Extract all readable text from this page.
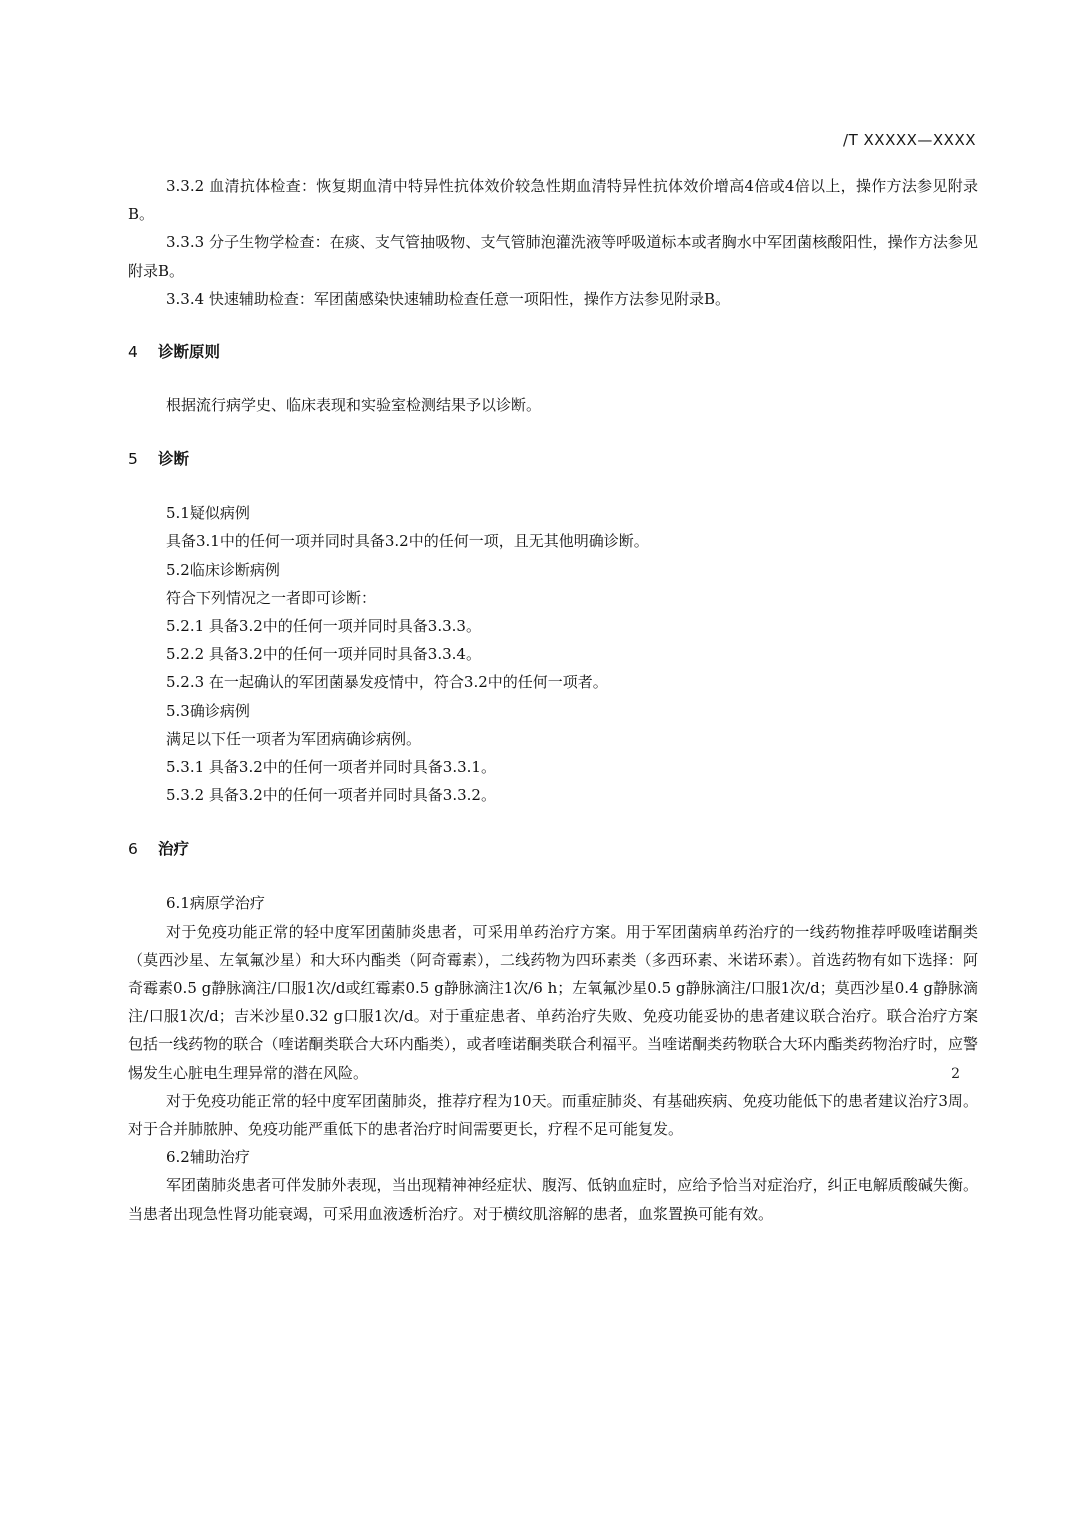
/T XXXXX—XXXX

3.3.2 血清抗体检查：恢复期血清中特异性抗体效价较急性期血清特异性抗体效价增高4倍或4倍以上，操作方法参见附录B。

3.3.3 分子生物学检查：在痰、支气管抽吸物、支气管肺泡灌洗液等呼吸道标本或者胸水中军团菌核酸阳性，操作方法参见附录B。

3.3.4 快速辅助检查：军团菌感染快速辅助检查任意一项阳性，操作方法参见附录B。

4	诊断原则

根据流行病学史、临床表现和实验室检测结果予以诊断。

5	诊断

5.1疑似病例

具备3.1中的任何一项并同时具备3.2中的任何一项，且无其他明确诊断。

5.2临床诊断病例

符合下列情况之一者即可诊断：

5.2.1 具备3.2中的任何一项并同时具备3.3.3。

5.2.2 具备3.2中的任何一项并同时具备3.3.4。

5.2.3 在一起确认的军团菌暴发疫情中，符合3.2中的任何一项者。

5.3确诊病例

满足以下任一项者为军团病确诊病例。

5.3.1 具备3.2中的任何一项者并同时具备3.3.1。

5.3.2 具备3.2中的任何一项者并同时具备3.3.2。

6	治疗

6.1病原学治疗

对于免疫功能正常的轻中度军团菌肺炎患者，可采用单药治疗方案。用于军团菌病单药治疗的一线药物推荐呼吸喹诺酮类（莫西沙星、左氧氟沙星）和大环内酯类（阿奇霉素），二线药物为四环素类（多西环素、米诺环素）。首选药物有如下选择：阿奇霉素0.5 g静脉滴注/口服1次/d或红霉素0.5 g静脉滴注1次/6 h；左氧氟沙星0.5 g静脉滴注/口服1次/d；莫西沙星0.4 g静脉滴注/口服1次/d；吉米沙星0.32 g口服1次/d。对于重症患者、单药治疗失败、免疫功能妥协的患者建议联合治疗。联合治疗方案包括一线药物的联合（喹诺酮类联合大环内酯类），或者喹诺酮类联合利福平。当喹诺酮类药物联合大环内酯类药物治疗时，应警惕发生心脏电生理异常的潜在风险。

对于免疫功能正常的轻中度军团菌肺炎，推荐疗程为10天。而重症肺炎、有基础疾病、免疫功能低下的患者建议治疗3周。对于合并肺脓肿、免疫功能严重低下的患者治疗时间需要更长，疗程不足可能复发。

6.2辅助治疗

军团菌肺炎患者可伴发肺外表现，当出现精神神经症状、腹泻、低钠血症时，应给予恰当对症治疗，纠正电解质酸碱失衡。当患者出现急性肾功能衰竭，可采用血液透析治疗。对于横纹肌溶解的患者，血浆置换可能有效。

2
